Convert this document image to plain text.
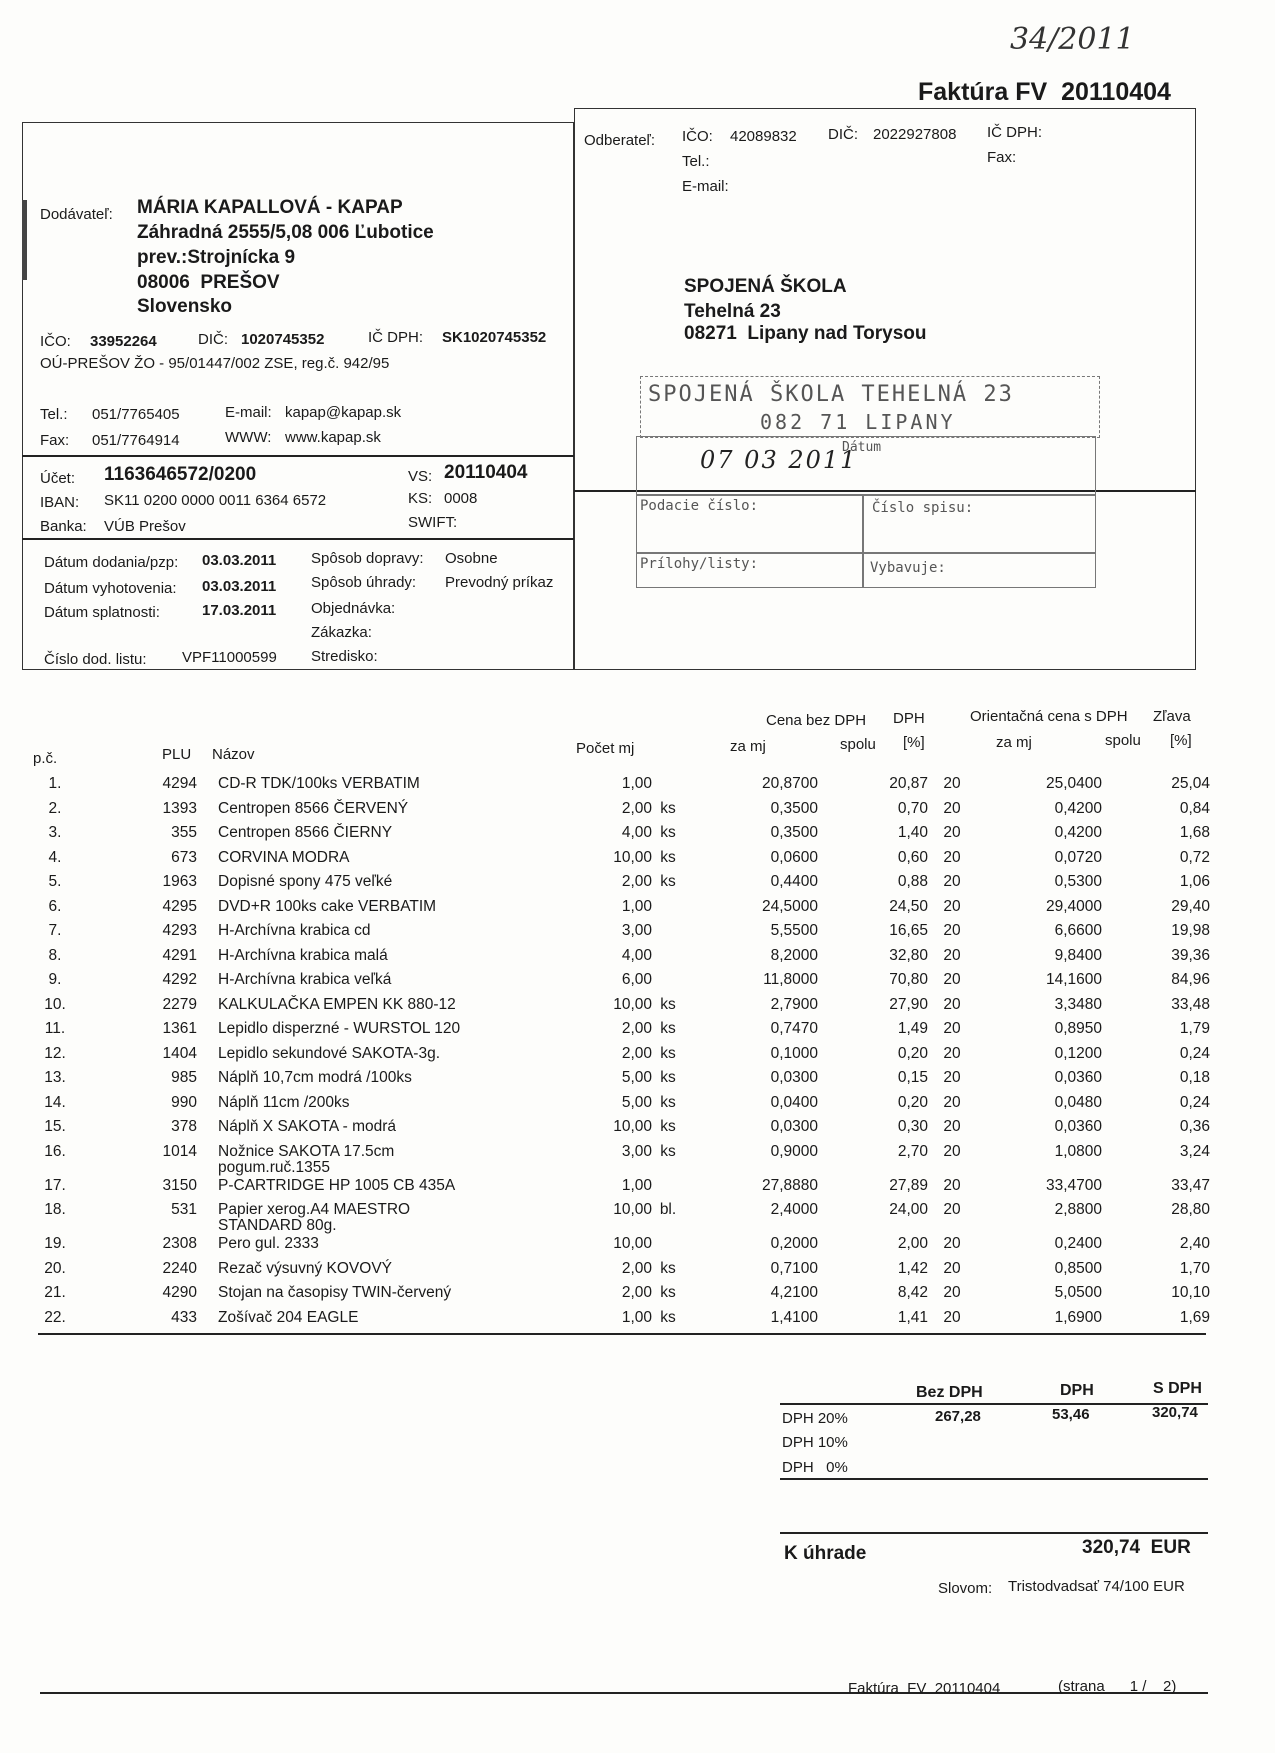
34/2011
Faktúra FV  20110404
Dodávateľ: MÁRIA KAPALLOVÁ - KAPAP
Záhradná 2555/5,08 006 Ľubotice
prev.:Strojnícka 9
08006  PREŠOV
Slovensko
IČO: 33952264	DIČ: 1020745352	IČ DPH: SK1020745352
OÚ-PREŠOV ŽO - 95/01447/002 ZSE, reg.č. 942/95
Tel.: 051/7765405	E-mail: kapap@kapap.sk
Fax: 051/7764914	WWW: www.kapap.sk
Účet: 1163646572/0200
IBAN: SK11 0200 0000 0011 6364 6572
Banka: VÚB Prešov
VS: 20110404
KS: 0008
SWIFT:
Dátum dodania/pzp: 03.03.2011
Dátum vyhotovenia: 03.03.2011
Dátum splatnosti:	17.03.2011
Číslo dod. listu: VPF11000599
Spôsob dopravy: Osobne
Spôsob úhrady: Prevodný príkaz
Objednávka:
Zákazka:
Stredisko:
Odberateľ: IČO: 42089832 DIČ: 2022927808 IČ DPH:
Tel.:	Fax:
E-mail:
SPOJENÁ ŠKOLA
Tehelná 23
08271  Lipany nad Torysou
SPOJENÁ ŠKOLA TEHELNÁ 23
082 71 LIPANY
07 03 2011
Dátum
Podacie číslo:	Číslo spisu:
Prílohy/listy:	Vybavuje:
p.č.	PLU Názov	Počet mj
Cena bez DPH
za mj	spolu
DPH
[%]
Orientačná cena s DPH
za mj	spolu
Zľava
[%]
1.	4294		CD-R TDK/100ks VERBATIM	1,00		20,8700	20,87	20	25,0400	25,04
2.	1393		Centropen 8566 ČERVENÝ	2,00	ks	0,3500	0,70	20	0,4200	0,84
3.	355		Centropen 8566 ČIERNY	4,00	ks	0,3500	1,40	20	0,4200	1,68
4.	673		CORVINA MODRA	10,00	ks	0,0600	0,60	20	0,0720	0,72
5.	1963		Dopisné spony 475 veľké	2,00	ks	0,4400	0,88	20	0,5300	1,06
6.	4295		DVD+R 100ks cake VERBATIM	1,00		24,5000	24,50	20	29,4000	29,40
7.	4293		H-Archívna krabica cd	3,00		5,5500	16,65	20	6,6600	19,98
8.	4291		H-Archívna krabica malá	4,00		8,2000	32,80	20	9,8400	39,36
9.	4292		H-Archívna krabica veľká	6,00		11,8000	70,80	20	14,1600	84,96
10.	2279		KALKULAČKA EMPEN KK 880-12	10,00	ks	2,7900	27,90	20	3,3480	33,48
11.	1361		Lepidlo disperzné - WURSTOL 120	2,00	ks	0,7470	1,49	20	0,8950	1,79
12.	1404		Lepidlo sekundové SAKOTA-3g.	2,00	ks	0,1000	0,20	20	0,1200	0,24
13.	985		Náplň 10,7cm modrá /100ks	5,00	ks	0,0300	0,15	20	0,0360	0,18
14.	990		Náplň 11cm /200ks	5,00	ks	0,0400	0,20	20	0,0480	0,24
15.	378		Náplň X SAKOTA - modrá	10,00	ks	0,0300	0,30	20	0,0360	0,36
16.	1014		Nožnice SAKOTA 17.5cm
pogum.ruč.1355	3,00	ks	0,9000	2,70	20	1,0800	3,24
17.	3150		P-CARTRIDGE HP 1005 CB 435A	1,00		27,8880	27,89	20	33,4700	33,47
18.	531		Papier xerog.A4 MAESTRO
STANDARD 80g.	10,00	bl.	2,4000	24,00	20	2,8800	28,80
19.	2308		Pero gul. 2333	10,00		0,2000	2,00	20	0,2400	2,40
20.	2240		Rezač výsuvný KOVOVÝ	2,00	ks	0,7100	1,42	20	0,8500	1,70
21.	4290		Stojan na časopisy TWIN-červený	2,00	ks	4,2100	8,42	20	5,0500	10,10
22.	433		Zošívač 204 EAGLE	1,00	ks	1,4100	1,41	20	1,6900	1,69
Bez DPH	DPH	S DPH
DPH 20%	267,28	53,46	320,74
DPH 10%
DPH   0%
K úhrade	320,74  EUR
Slovom: Tristodvadsať 74/100 EUR
Faktúra  FV  20110404	(strana      1 /    2)
